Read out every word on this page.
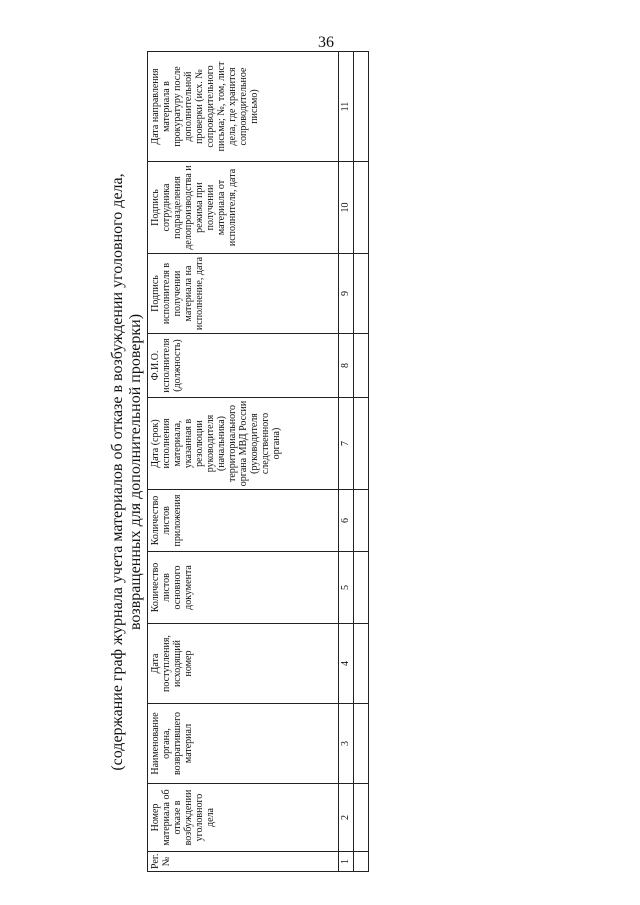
36
(содержание граф журнала учета материалов об отказе в возбуждении уголовного дела, возвращенных для дополнительной проверки)
Рег. №	Номер материала об отказе в возбуждении уголовного дела	Наименование органа, возвратившего материал	Дата поступления, исходящий номер	Количество листов основного документа	Количество листов приложения	Дата (срок) исполнения материала, указанная в резолюции руководителя (начальника) территориального органа МВД России (руководителя следственного органа)	Ф.И.О. исполнителя (должность)	Подпись исполнителя в получении материала на исполнение, дата	Подпись сотрудника подразделения делопроизводства и режима при получении материала от исполнителя, дата	Дата направления материала в прокуратуру после дополнительной проверки (исх. № сопроводительного письма; №, том, лист дела, где хранится сопроводительное письмо)
1	2	3	4	5	6	7	8	9	10	11
